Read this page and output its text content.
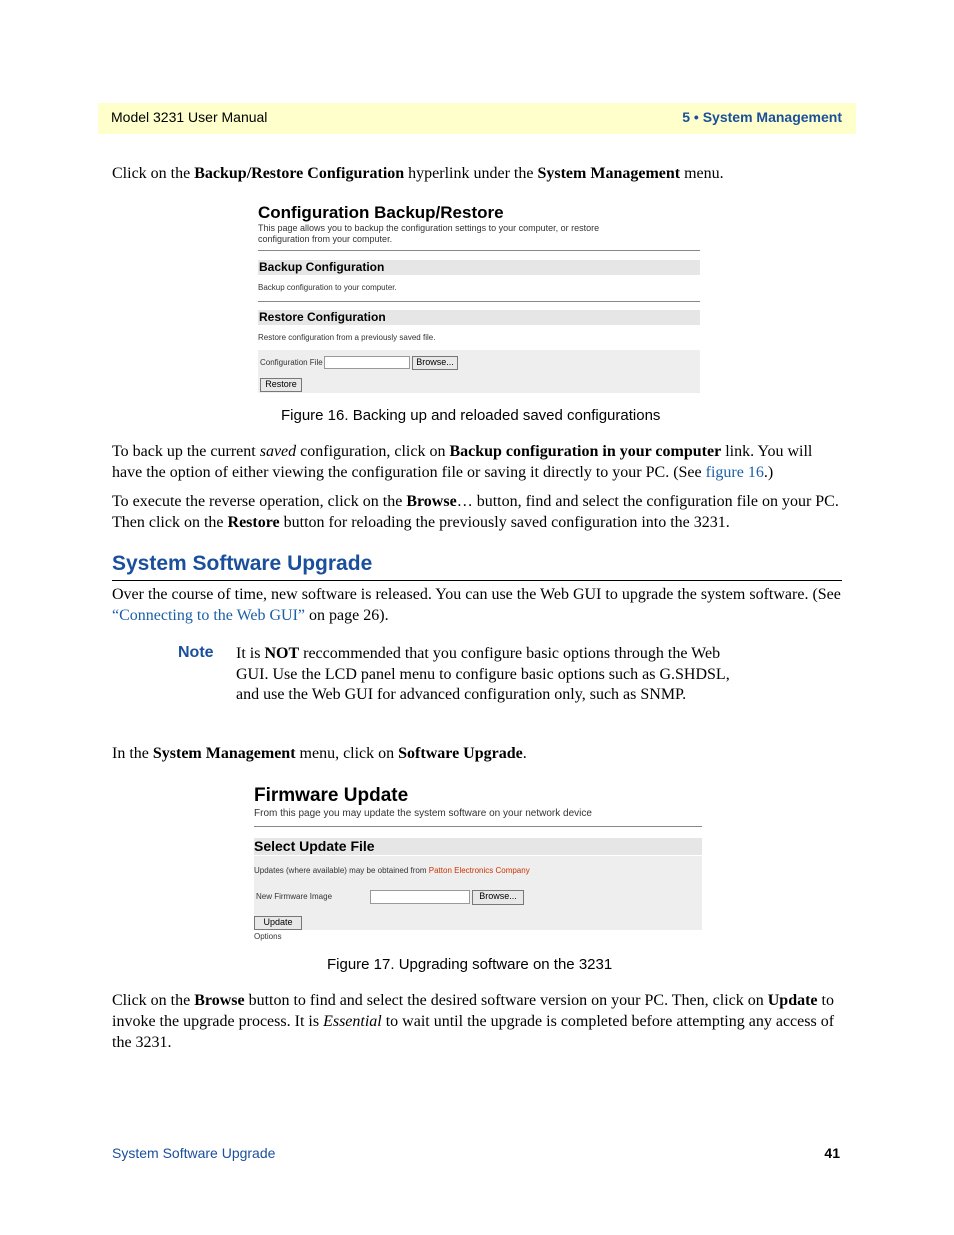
Model 3231 User Manual	5 • System Management

Click on the Backup/Restore Configuration hyperlink under the System Management menu.

Configuration Backup/Restore
This page allows you to backup the configuration settings to your computer, or restore
configuration from your computer.
Backup Configuration
Backup configuration to your computer.
Restore Configuration
Restore configuration from a previously saved file.
Configuration File	Browse...
Restore
Figure 16. Backing up and reloaded saved configurations

To back up the current saved configuration, click on Backup configuration in your computer link. You will have the option of either viewing the configuration file or saving it directly to your PC. (See figure 16.)

To execute the reverse operation, click on the Browse… button, find and select the configuration file on your PC. Then click on the Restore button for reloading the previously saved configuration into the 3231.

System Software Upgrade

Over the course of time, new software is released. You can use the Web GUI to upgrade the system software. (See “Connecting to the Web GUI” on page 26).

Note It is NOT reccommended that you configure basic options through the Web GUI. Use the LCD panel menu to configure basic options such as G.SHDSL, and use the Web GUI for advanced configuration only, such as SNMP.

In the System Management menu, click on Software Upgrade.

Firmware Update
From this page you may update the system software on your network device
Select Update File
Updates (where available) may be obtained from Patton Electronics Company
New Firmware Image	Browse...
Update
Options
Figure 17. Upgrading software on the 3231

Click on the Browse button to find and select the desired software version on your PC. Then, click on Update to invoke the upgrade process. It is Essential to wait until the upgrade is completed before attempting any access of the 3231.

System Software Upgrade	41
